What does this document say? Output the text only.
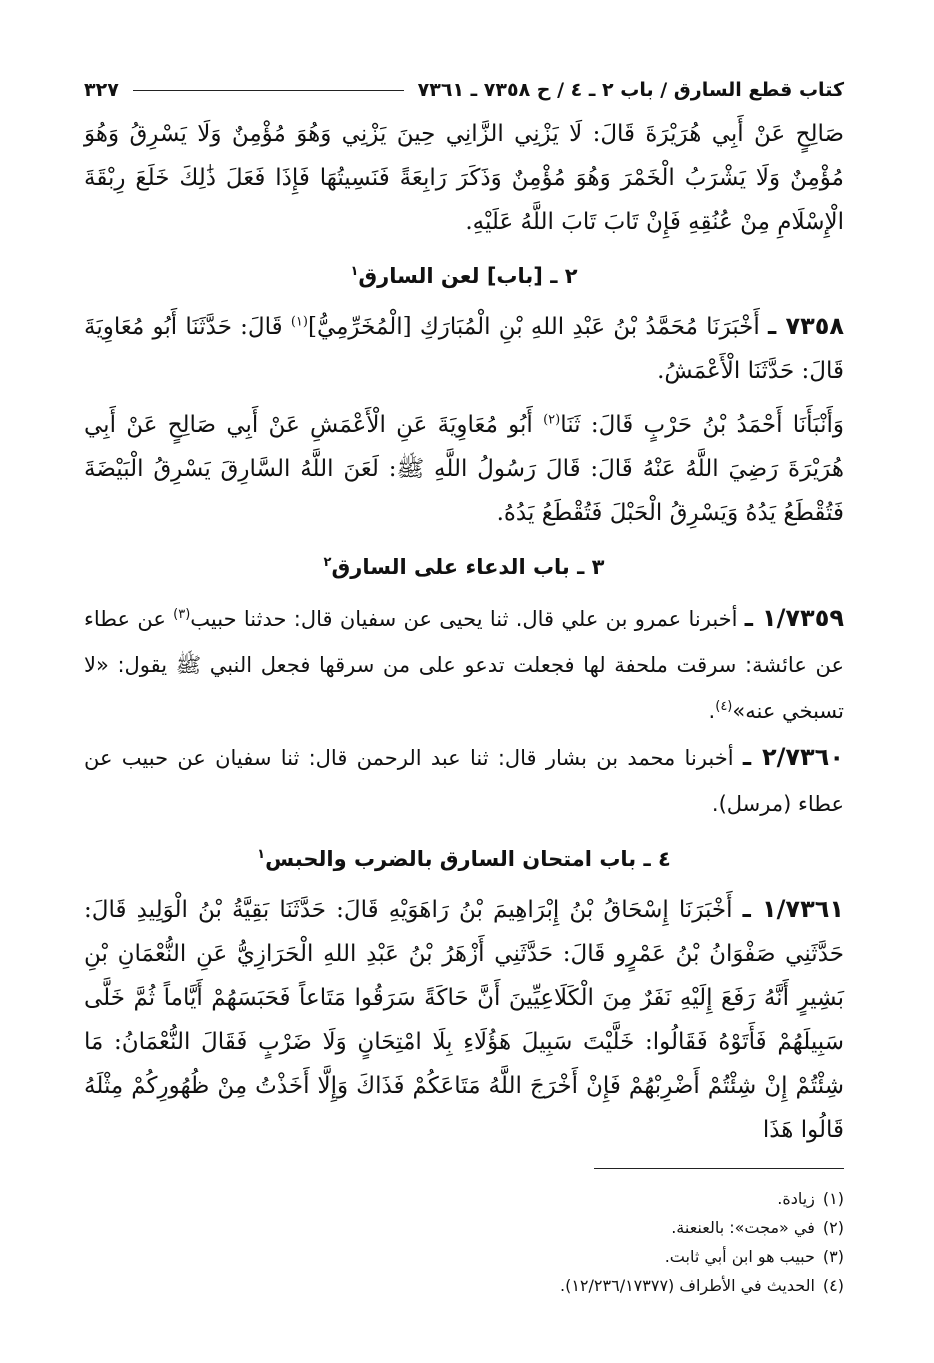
كتاب قطع السارق / باب ٢ ـ ٤ / ح ٧٣٥٨ ـ ٧٣٦١
٣٢٧

صَالِحٍ عَنْ أَبِي هُرَيْرَةَ قَالَ: لَا يَزْنِي الزَّانِي حِينَ يَزْنِي وَهُوَ مُؤْمِنٌ وَلَا يَسْرِقُ وَهُوَ مُؤْمِنٌ وَلَا يَشْرَبُ الْخَمْرَ وَهُوَ مُؤْمِنٌ وَذَكَرَ رَابِعَةً فَنَسِيتُهَا فَإِذَا فَعَلَ ذَٰلِكَ خَلَعَ رِبْقَةَ الْإِسْلَامِ مِنْ عُنُقِهِ فَإِنْ تَابَ تَابَ اللَّهُ عَلَيْهِ.

٢ ـ [باب] لعن السارق$^١$

٧٣٥٨ ـ أَخْبَرَنَا مُحَمَّدُ بْنُ عَبْدِ اللهِ بْنِ الْمُبَارَكِ [الْمُخَرِّمِيُّ]$^{(١)}$ قَالَ: حَدَّثَنَا أَبُو مُعَاوِيَةَ قَالَ: حَدَّثَنَا الْأَعْمَشُ.

وَأَنْبَأَنَا أَحْمَدُ بْنُ حَرْبٍ قَالَ: ثَنَا$^{(٢)}$ أَبُو مُعَاوِيَةَ عَنِ الْأَعْمَشِ عَنْ أَبِي صَالِحٍ عَنْ أَبِي هُرَيْرَةَ رَضِيَ اللَّهُ عَنْهُ قَالَ: قَالَ رَسُولُ اللَّهِ ﷺ: لَعَنَ اللَّهُ السَّارِقَ يَسْرِقُ الْبَيْضَةَ فَتُقْطَعُ يَدُهُ وَيَسْرِقُ الْحَبْلَ فَتُقْطَعُ يَدُهُ.

٣ ـ باب الدعاء على السارق$^٢$

١/٧٣٥٩ ـ أخبرنا عمرو بن علي قال. ثنا يحيى عن سفيان قال: حدثنا حبيب$^{(٣)}$ عن عطاء عن عائشة: سرقت ملحفة لها فجعلت تدعو على من سرقها فجعل النبي ﷺ يقول: «لا تسبخي عنه»$^{(٤)}$.

٢/٧٣٦٠ ـ أخبرنا محمد بن بشار قال: ثنا عبد الرحمن قال: ثنا سفيان عن حبيب عن عطاء (مرسل).

٤ ـ باب امتحان السارق بالضرب والحبس$^١$

١/٧٣٦١ ـ أَخْبَرَنَا إِسْحَاقُ بْنُ إِبْرَاهِيمَ بْنُ رَاهَوَيْهِ قَالَ: حَدَّثَنَا بَقِيَّةُ بْنُ الْوَلِيدِ قَالَ: حَدَّثَنِي صَفْوَانُ بْنُ عَمْرٍو قَالَ: حَدَّثَنِي أَزْهَرُ بْنُ عَبْدِ اللهِ الْحَرَازِيُّ عَنِ النُّعْمَانِ بْنِ بَشِيرٍ أَنَّهُ رَفَعَ إِلَيْهِ نَفَرٌ مِنَ الْكَلَاعِيِّينَ أَنَّ حَاكَةً سَرَقُوا مَتَاعاً فَحَبَسَهُمْ أَيَّاماً ثُمَّ خَلَّى سَبِيلَهُمْ فَأَتَوْهُ فَقَالُوا: خَلَّيْتَ سَبِيلَ هَؤُلَاءِ بِلَا امْتِحَانٍ وَلَا ضَرْبٍ فَقَالَ النُّعْمَانُ: مَا شِئْتُمْ إِنْ شِئْتُمْ أَضْرِبْهُمْ فَإِنْ أَخْرَجَ اللَّهُ مَتَاعَكُمْ فَذَاكَ وَإِلَّا أَخَذْتُ مِنْ ظُهُورِكُمْ مِثْلَهُ قَالُوا هَذَا

(١)زيادة.

(٢)في «مجت»: بالعنعنة.

(٣)حبيب هو ابن أبي ثابت.

(٤)الحديث في الأطراف (١٢/٢٣٦/١٧٣٧٧).
